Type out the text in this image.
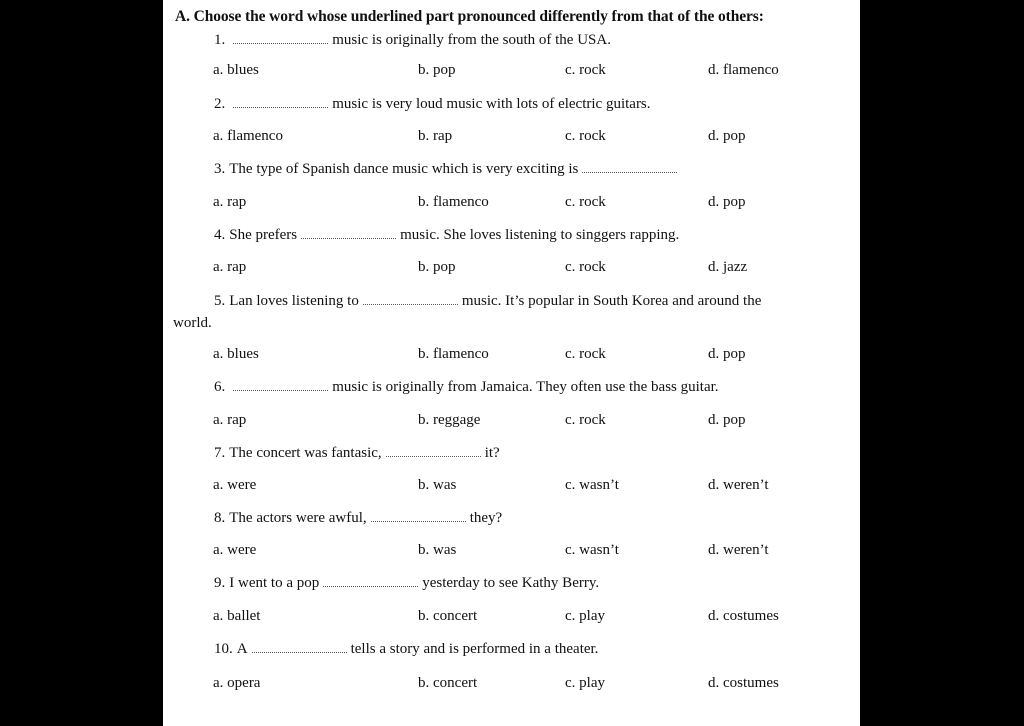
A. Choose the word whose underlined part pronounced differently from that of the others:
1.	music is originally from the south of the USA.
a. blues	b. pop	c. rock	d. flamenco
2.	music is very loud music with lots of electric guitars.
a. flamenco	b. rap	c. rock	d. pop
3. The type of Spanish dance music which is very exciting is
a. rap	b. flamenco	c. rock	d. pop
4. She prefers	music. She loves listening to singgers rapping.
a. rap	b. pop	c. rock	d. jazz
5. Lan loves listening to	music. It’s popular in South Korea and around the world.
a. blues	b. flamenco	c. rock	d. pop
6.	music is originally from Jamaica. They often use the bass guitar.
a. rap	b. reggage	c. rock	d. pop
7. The concert was fantasic,	it?
a. were	b. was	c. wasn’t	d. weren’t
8. The actors were awful,	they?
a. were	b. was	c. wasn’t	d. weren’t
9. I went to a pop	yesterday to see Kathy Berry.
a. ballet	b. concert	c. play	d. costumes
10. A	tells a story and is performed in a theater.
a. opera	b. concert	c. play	d. costumes
